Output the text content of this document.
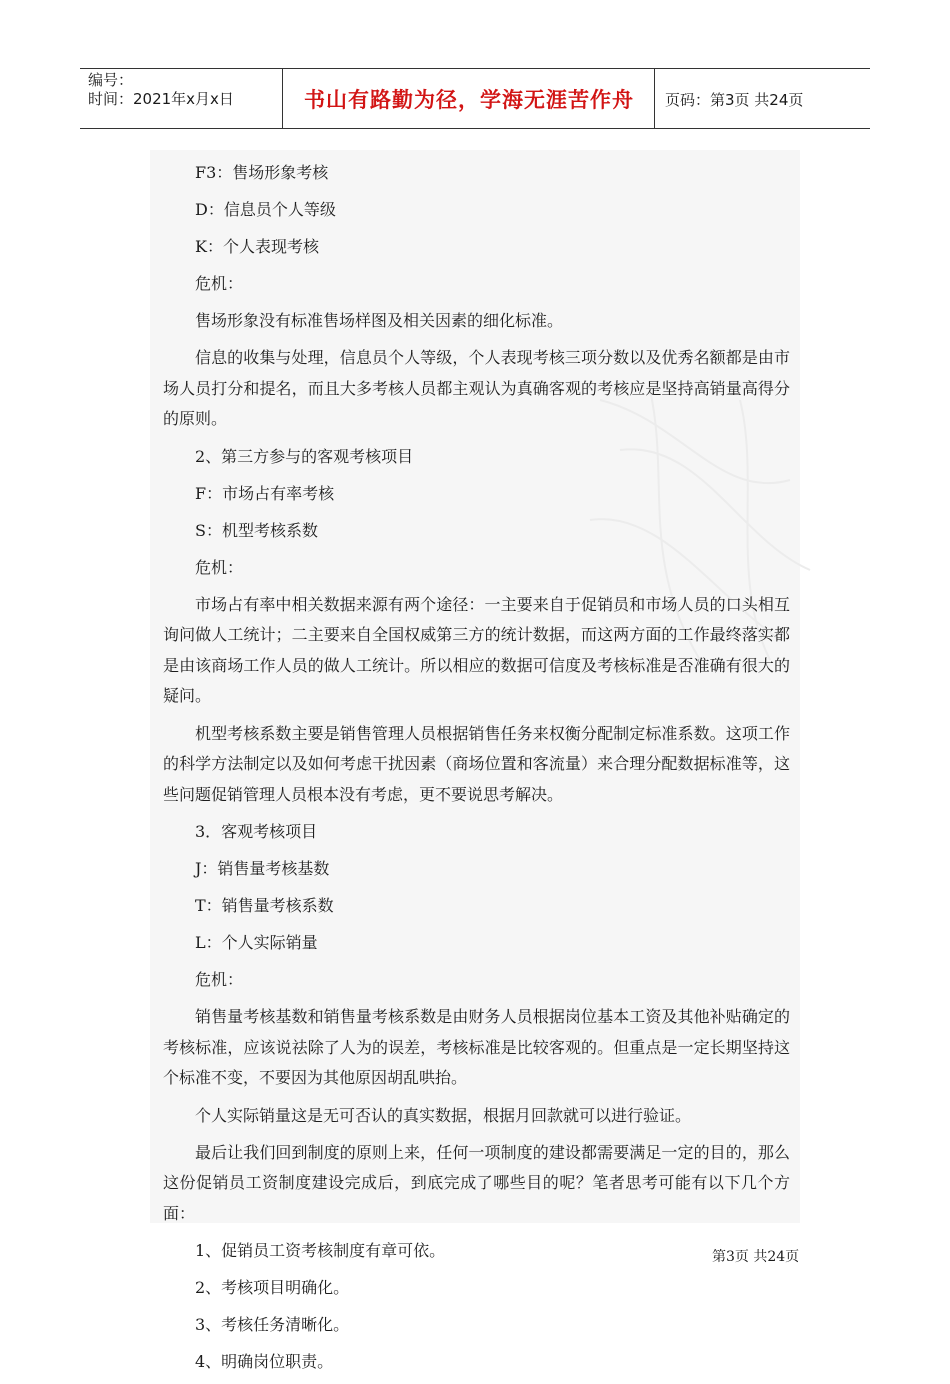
编号：
时间：2021年x月x日	书山有路勤为径，学海无涯苦作舟	页码：第3页 共24页

F3：售场形象考核

D：信息员个人等级

K：个人表现考核

危机：

售场形象没有标准售场样图及相关因素的细化标准。

信息的收集与处理，信息员个人等级，个人表现考核三项分数以及优秀名额都是由市场人员打分和提名，而且大多考核人员都主观认为真确客观的考核应是坚持高销量高得分的原则。

2、第三方参与的客观考核项目

F：市场占有率考核

S：机型考核系数

危机：

市场占有率中相关数据来源有两个途径：一主要来自于促销员和市场人员的口头相互询问做人工统计；二主要来自全国权威第三方的统计数据，而这两方面的工作最终落实都是由该商场工作人员的做人工统计。所以相应的数据可信度及考核标准是否准确有很大的疑问。

机型考核系数主要是销售管理人员根据销售任务来权衡分配制定标准系数。这项工作的科学方法制定以及如何考虑干扰因素（商场位置和客流量）来合理分配数据标准等，这些问题促销管理人员根本没有考虑，更不要说思考解决。

3．客观考核项目

J：销售量考核基数

T：销售量考核系数

L：个人实际销量

危机：

销售量考核基数和销售量考核系数是由财务人员根据岗位基本工资及其他补贴确定的考核标准，应该说祛除了人为的误差，考核标准是比较客观的。但重点是一定长期坚持这个标准不变，不要因为其他原因胡乱哄抬。

个人实际销量这是无可否认的真实数据，根据月回款就可以进行验证。

最后让我们回到制度的原则上来，任何一项制度的建设都需要满足一定的目的，那么这份促销员工资制度建设完成后，到底完成了哪些目的呢？笔者思考可能有以下几个方面：

1、促销员工资考核制度有章可依。

2、考核项目明确化。

3、考核任务清晰化。

4、明确岗位职责。

第3页 共24页
